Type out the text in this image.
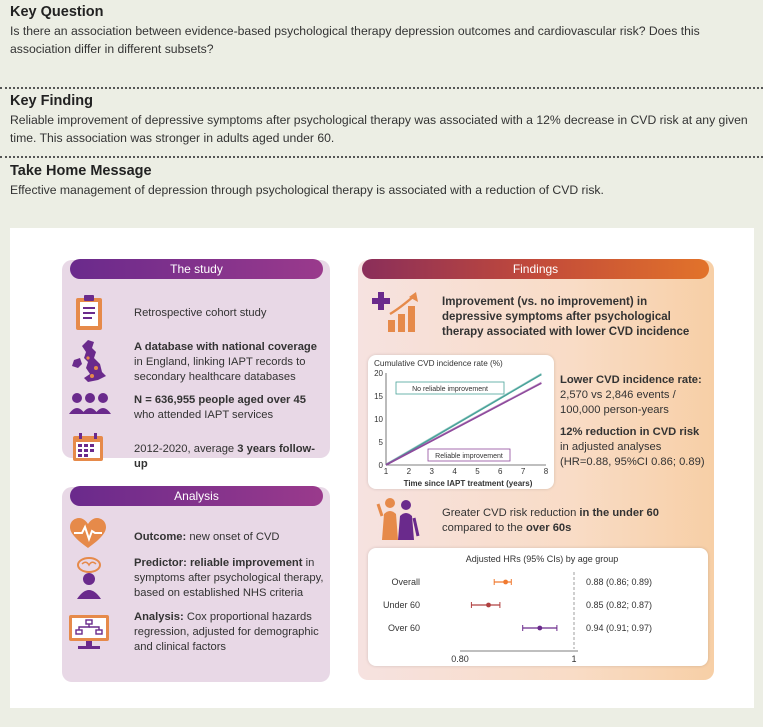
Key Question

Is there an association between evidence-based psychological therapy depression outcomes and cardiovascular risk? Does this association differ in different subsets?

Key Finding

Reliable improvement of depressive symptoms after psychological therapy was associated with a 12% decrease in CVD risk at any given time. This association was stronger in adults aged under 60.

Take Home Message

Effective management of depression through psychological therapy is associated with a reduction of CVD risk.

The study
Retrospective cohort study
A database with national coverage in England, linking IAPT records to secondary healthcare databases
N = 636,955 people aged over 45 who attended IAPT services
2012-2020, average 3 years follow-up
Analysis
Outcome: new onset of CVD
Predictor: reliable improvement in symptoms after psychological therapy, based on established NHS criteria
Analysis: Cox proportional hazards regression, adjusted for demographic and clinical factors
Findings
Improvement (vs. no improvement) in depressive symptoms after psychological therapy associated with lower CVD incidence
Cumulative CVD incidence rate (%)
0
5
10
15
20
1 2 3 4 5 6 7 8
No reliable improvement
Reliable improvement
Time since IAPT treatment (years)
Lower CVD incidence rate:
2,570 vs 2,846 events / 100,000 person-years
12% reduction in CVD risk in adjusted analyses (HR=0.88, 95%CI 0.86; 0.89)
Greater CVD risk reduction in the under 60 compared to the over 60s
Adjusted HRs (95% CIs) by age group
0.80	1
Overall	0.88 (0.86; 0.89)
Under 60	0.85 (0.82; 0.87)
Over 60	0.94 (0.91; 0.97)
